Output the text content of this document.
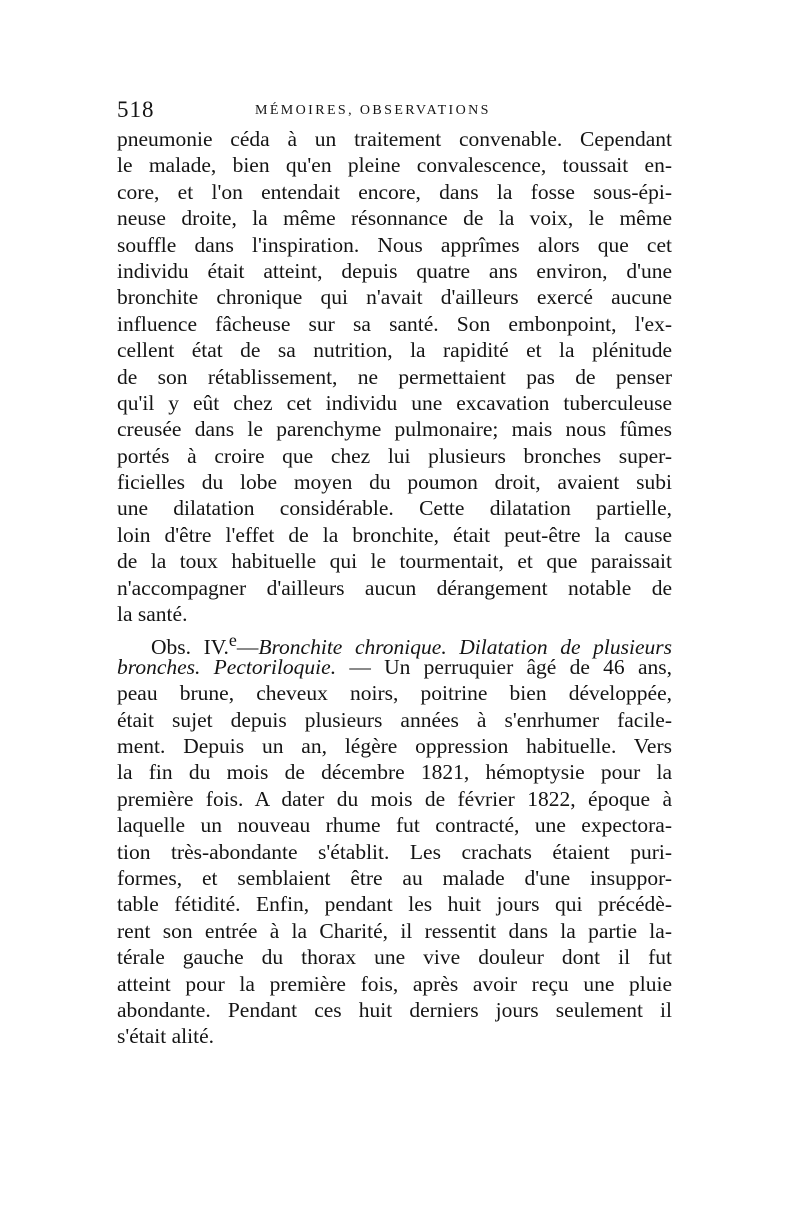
518	MÉMOIRES, OBSERVATIONS
pneumonie céda à un traitement convenable. Cependant
le malade, bien qu'en pleine convalescence, toussait en-
core, et l'on entendait encore, dans la fosse sous-épi-
neuse droite, la même résonnance de la voix, le même
souffle dans l'inspiration. Nous apprîmes alors que cet
individu était atteint, depuis quatre ans environ, d'une
bronchite chronique qui n'avait d'ailleurs exercé aucune
influence fâcheuse sur sa santé. Son embonpoint, l'ex-
cellent état de sa nutrition, la rapidité et la plénitude
de son rétablissement, ne permettaient pas de penser
qu'il y eût chez cet individu une excavation tuberculeuse
creusée dans le parenchyme pulmonaire; mais nous fûmes
portés à croire que chez lui plusieurs bronches super-
ficielles du lobe moyen du poumon droit, avaient subi
une dilatation considérable. Cette dilatation partielle,
loin d'être l'effet de la bronchite, était peut-être la cause
de la toux habituelle qui le tourmentait, et que paraissait
n'accompagner d'ailleurs aucun dérangement notable de
la santé.
Obs. IV.$^e$—Bronchite chronique. Dilatation de plusieurs
bronches. Pectoriloquie. — Un perruquier âgé de 46 ans,
peau brune, cheveux noirs, poitrine bien développée,
était sujet depuis plusieurs années à s'enrhumer facile-
ment. Depuis un an, légère oppression habituelle. Vers
la fin du mois de décembre 1821, hémoptysie pour la
première fois. A dater du mois de février 1822, époque à
laquelle un nouveau rhume fut contracté, une expectora-
tion très-abondante s'établit. Les crachats étaient puri-
formes, et semblaient être au malade d'une insuppor-
table fétidité. Enfin, pendant les huit jours qui précédè-
rent son entrée à la Charité, il ressentit dans la partie la-
térale gauche du thorax une vive douleur dont il fut
atteint pour la première fois, après avoir reçu une pluie
abondante. Pendant ces huit derniers jours seulement il
s'était alité.
